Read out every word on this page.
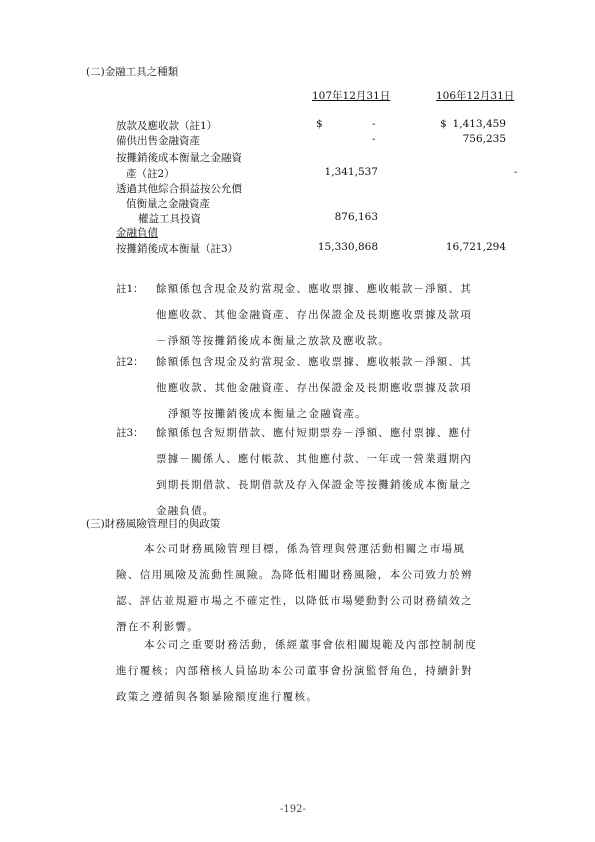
(二)金融工具之種類
107年12月31日	106年12月31日
放款及應收款（註1）	$	-	$ 1,413,459
備供出售金融資產	-	756,235
按攤銷後成本衡量之金融資
產（註2）	1,341,537	-
透過其他綜合損益按公允價
值衡量之金融資產
權益工具投資	876,163
金融負債
按攤銷後成本衡量（註3）	15,330,868	16,721,294
註1： 餘額係包含現金及約當現金、應收票據、應收帳款－淨額、其
他應收款、其他金融資產、存出保證金及長期應收票據及款項
－淨額等按攤銷後成本衡量之放款及應收款。
註2： 餘額係包含現金及約當現金、應收票據、應收帳款－淨額、其
他應收款、其他金融資產、存出保證金及長期應收票據及款項
淨額等按攤銷後成本衡量之金融資產。
註3： 餘額係包含短期借款、應付短期票券－淨額、應付票據、應付
票據－關係人、應付帳款、其他應付款、一年或一營業週期內
到期長期借款、長期借款及存入保證金等按攤銷後成本衡量之
金融負債。
(三)財務風險管理目的與政策
本公司財務風險管理目標，係為管理與營運活動相關之市場風
險、信用風險及流動性風險。為降低相關財務風險，本公司致力於辨
認、評估並規避市場之不確定性，以降低市場變動對公司財務績效之
潛在不利影響。
本公司之重要財務活動，係經董事會依相關規範及內部控制制度
進行覆核；內部稽核人員協助本公司董事會扮演監督角色，持續針對
政策之遵循與各類暴險額度進行覆核。
-192-
